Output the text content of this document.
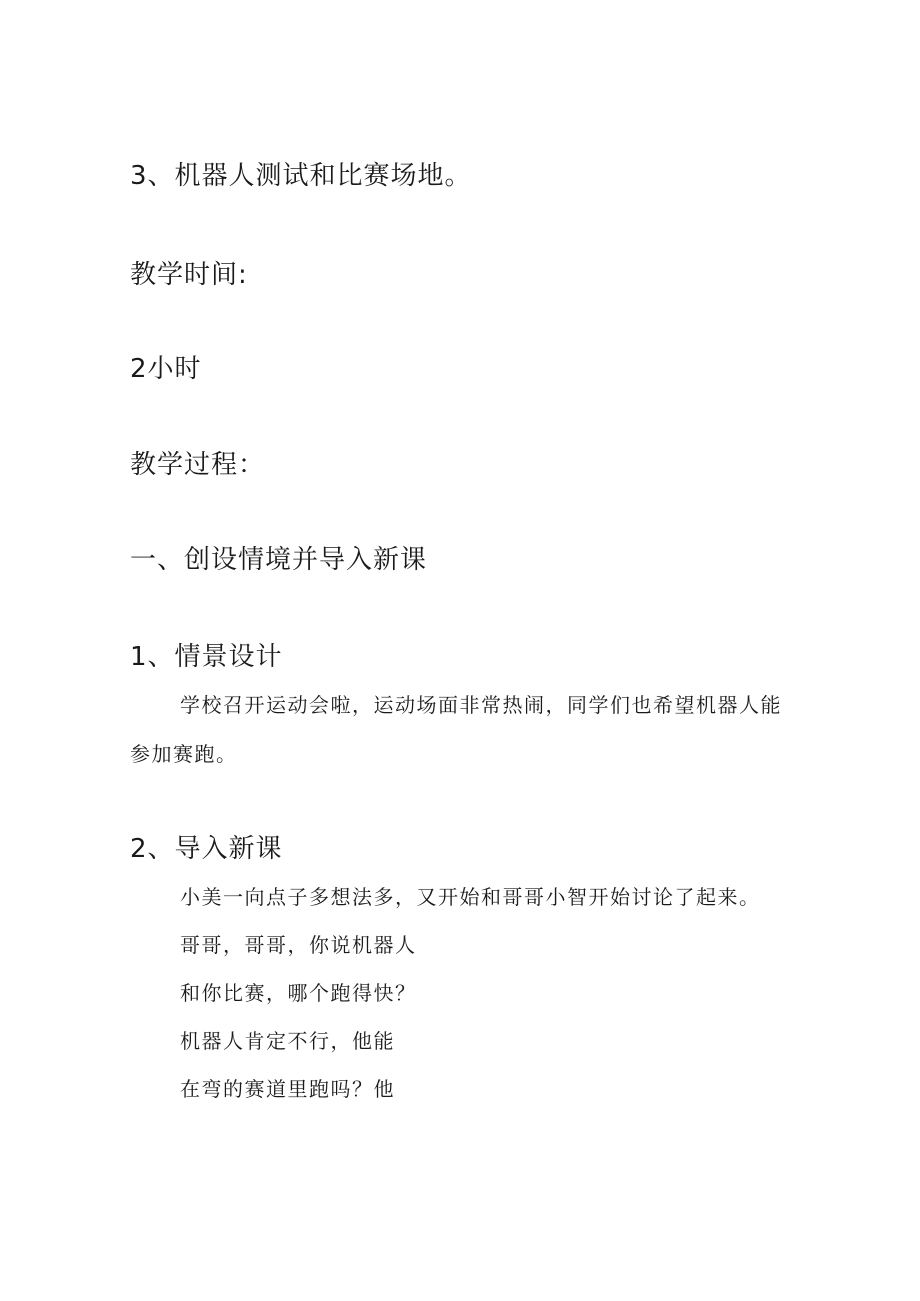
3、机器人测试和比赛场地。
教学时间:
2小时
教学过程：
一、创设情境并导入新课
1、情景设计
学校召开运动会啦，运动场面非常热闹，同学们也希望机器人能
参加赛跑。
2、导入新课
小美一向点子多想法多，又开始和哥哥小智开始讨论了起来。
哥哥，哥哥，你说机器人
和你比赛，哪个跑得快？
机器人肯定不行，他能
在弯的赛道里跑吗？他
